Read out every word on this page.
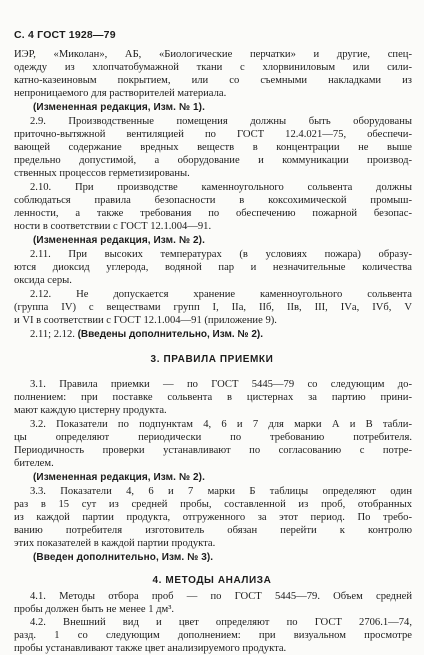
С. 4 ГОСТ 1928—79
ИЭР, «Миколан», АБ, «Биологические перчатки» и другие, спец-
одежду из хлопчатобумажной ткани с хлорвиниловым или сили-
катно-казеиновым покрытием, или со съемными накладками из
непроницаемого для растворителей материала.
(Измененная редакция, Изм. № 1).
2.9. Производственные помещения должны быть оборудованы
приточно-вытяжной вентиляцией по ГОСТ 12.4.021—75, обеспечи-
вающей содержание вредных веществ в концентрации не выше
предельно допустимой, а оборудование и коммуникации производ-
ственных процессов герметизированы.
2.10. При производстве каменноугольного сольвента должны
соблюдаться правила безопасности в коксохимической промыш-
ленности, а также требования по обеспечению пожарной безопас-
ности в соответствии с ГОСТ 12.1.004—91.
(Измененная редакция, Изм. № 2).
2.11. При высоких температурах (в условиях пожара) образу-
ются диоксид углерода, водяной пар и незначительные количества
оксида серы.
2.12. Не допускается хранение каменноугольного сольвента
(группа IV) с веществами групп I, IIа, IIб, IIв, III, IVа, IVб, V
и VI в соответствии с ГОСТ 12.1.004—91 (приложение 9).
2.11; 2.12. (Введены дополнительно, Изм. № 2).
3. ПРАВИЛА ПРИЕМКИ
3.1. Правила приемки — по ГОСТ 5445—79 со следующим до-
полнением: при поставке сольвента в цистернах за партию прини-
мают каждую цистерну продукта.
3.2. Показатели по подпунктам 4, 6 и 7 для марки А и В табли-
цы определяют периодически по требованию потребителя.
Периодичность проверки устанавливают по согласованию с потре-
бителем.
(Измененная редакция, Изм. № 2).
3.3. Показатели 4, 6 и 7 марки Б таблицы определяют один
раз в 15 сут из средней пробы, составленной из проб, отобранных
из каждой партии продукта, отгруженного за этот период. По требо-
ванию потребителя изготовитель обязан перейти к контролю
этих показателей в каждой партии продукта.
(Введен дополнительно, Изм. № 3).
4. МЕТОДЫ АНАЛИЗА
4.1. Методы отбора проб — по ГОСТ 5445—79. Объем средней
пробы должен быть не менее 1 дм³.
4.2. Внешний вид и цвет определяют по ГОСТ 2706.1—74,
разд. 1 со следующим дополнением: при визуальном просмотре
пробы устанавливают также цвет анализируемого продукта.
